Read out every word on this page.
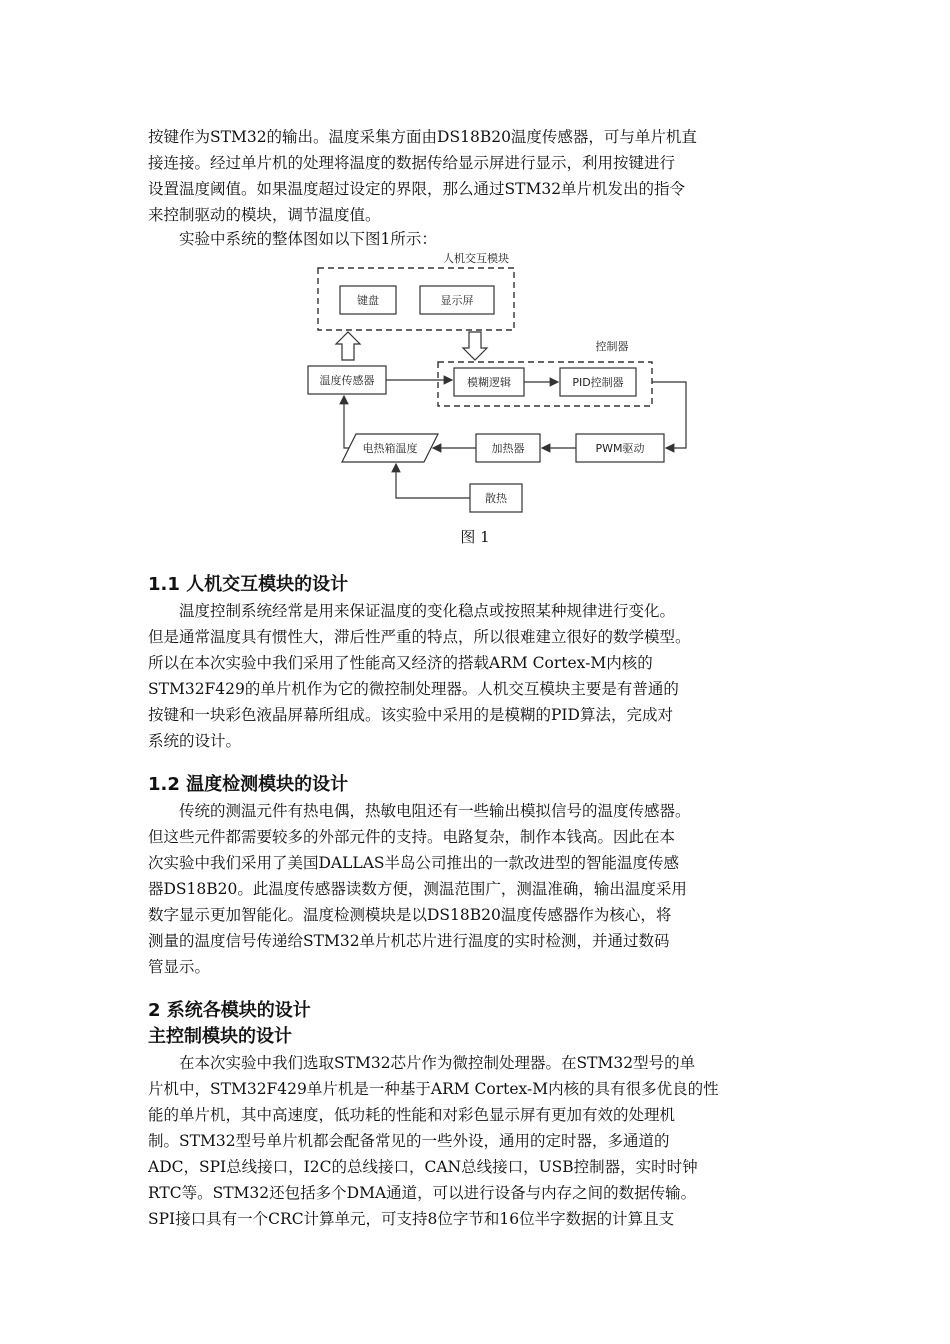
按键作为STM32的输出。温度采集方面由DS18B20温度传感器，可与单片机直
接连接。经过单片机的处理将温度的数据传给显示屏进行显示，利用按键进行
设置温度阈值。如果温度超过设定的界限，那么通过STM32单片机发出的指令
来控制驱动的模块，调节温度值。
　　实验中系统的整体图如以下图1所示：
人机交互模块
键盘	显示屏
控制器
温度传感器	模糊逻辑	PID控制器
电热箱温度	加热器	PWM驱动
散热
图 1
1.1 人机交互模块的设计
　　温度控制系统经常是用来保证温度的变化稳点或按照某种规律进行变化。
但是通常温度具有惯性大，滞后性严重的特点，所以很难建立很好的数学模型。
所以在本次实验中我们采用了性能高又经济的搭载ARM Cortex-M内核的
STM32F429的单片机作为它的微控制处理器。人机交互模块主要是有普通的
按键和一块彩色液晶屏幕所组成。该实验中采用的是模糊的PID算法，完成对
系统的设计。
1.2 温度检测模块的设计
　　传统的测温元件有热电偶，热敏电阻还有一些输出模拟信号的温度传感器。
但这些元件都需要较多的外部元件的支持。电路复杂，制作本钱高。因此在本
次实验中我们采用了美国DALLAS半岛公司推出的一款改进型的智能温度传感
器DS18B20。此温度传感器读数方便，测温范围广，测温准确，输出温度采用
数字显示更加智能化。温度检测模块是以DS18B20温度传感器作为核心，将
测量的温度信号传递给STM32单片机芯片进行温度的实时检测，并通过数码
管显示。
2 系统各模块的设计
主控制模块的设计
　　在本次实验中我们选取STM32芯片作为微控制处理器。在STM32型号的单
片机中，STM32F429单片机是一种基于ARM Cortex-M内核的具有很多优良的性
能的单片机，其中高速度，低功耗的性能和对彩色显示屏有更加有效的处理机
制。STM32型号单片机都会配备常见的一些外设，通用的定时器，多通道的
ADC，SPI总线接口，I2C的总线接口，CAN总线接口，USB控制器，实时时钟
RTC等。STM32还包括多个DMA通道，可以进行设备与内存之间的数据传输。
SPI接口具有一个CRC计算单元，可支持8位字节和16位半字数据的计算且支
